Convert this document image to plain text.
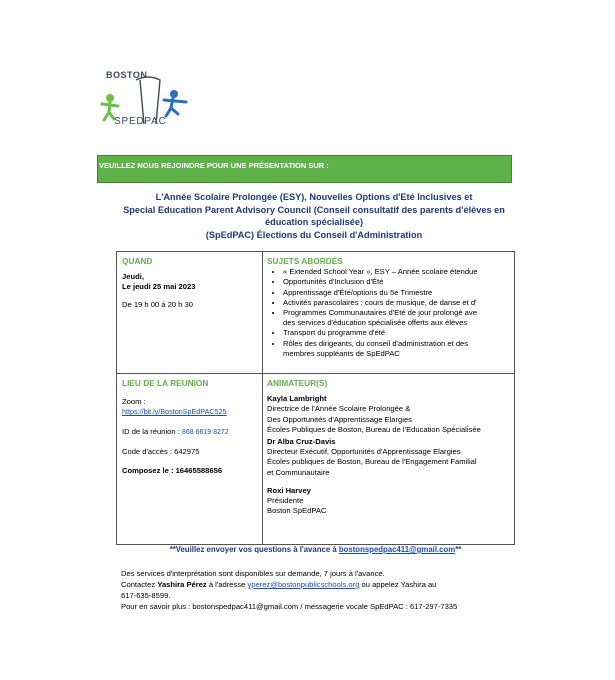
BOSTON
SPEDPAC
VEUILLEZ NOUS REJOINDRE POUR UNE PRÉSENTATION SUR :
L'Année Scolaire Prolongée (ESY), Nouvelles Options d'Eté Inclusives et
Special Education Parent Advisory Council (Conseil consultatif des parents d'élèves en
éducation spécialisée)
(SpEdPAC) Élections du Conseil d'Administration
QUAND
Jeudi,
Le jeudi 25 mai 2023
De 19 h 00 à 20 h 30
SUJETS ABORDÉS
• « Extended School Year », ESY – Année scolaire étendue
• Opportunités d'Inclusion d'Été
• Apprentissage d'Été/options du 5e Trimestre
• Activités parascolaires : cours de musique, de danse et d'
• Programmes Communautaires d'Eté de jour prolongé ave
des services d'éducation spécialisée offerts aux élèves
• Transport du programme d'été
• Rôles des dirigeants, du conseil d'administration et des
membres suppléants de SpEdPAC
LIEU DE LA REUNION
Zoom :
https://bit.ly/BostonSpEdPAC525
ID de la réunion : 868 6619 8272
Code d'accès : 642975
Composez le : 16465588656
ANIMATEUR(S)
Kayla Lambright
Directrice de l'Année Scolaire Prolongée &
Des Opportunités d'Apprentissage Elargies
Écoles Publiques de Boston, Bureau de l'Education Spécialisée
Dr Alba Cruz-Davis
Directeur Exécutif, Opportunités d'Apprentissage Elargies
Écoles publiques de Boston, Bureau de l'Engagement Familial
et Communautaire
Roxi Harvey
Présidente
Boston SpEdPAC
**Veuillez envoyer vos questions à l'avance à bostonspedpac411@gmail.com**
Des services d'interprétation sont disponibles sur demande, 7 jours à l'avance.
Contactez Yashira Pérez à l'adresse yperez@bostonpublicschools.org ou appelez Yashira au
617-635-8599.
Pour en savoir plus : bostonspedpac411@gmail.com / messagerie vocale SpEdPAC : 617-297-7335
